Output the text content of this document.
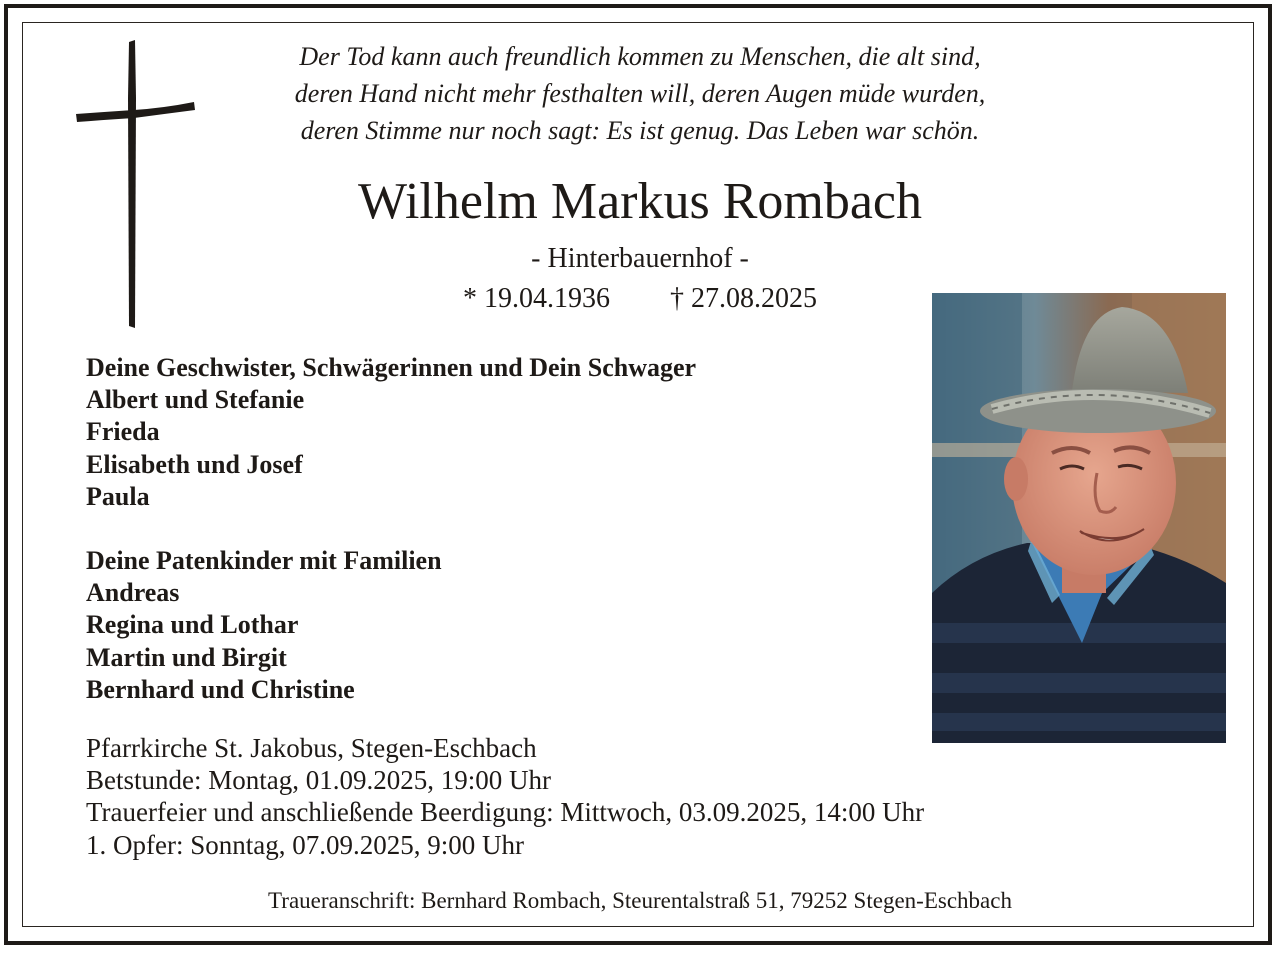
Der Tod kann auch freundlich kommen zu Menschen, die alt sind,
deren Hand nicht mehr festhalten will, deren Augen müde wurden,
deren Stimme nur noch sagt: Es ist genug. Das Leben war schön.
Wilhelm Markus Rombach
- Hinterbauernhof -
* 19.04.1936 † 27.08.2025
Deine Geschwister, Schwägerinnen und Dein Schwager
Albert und Stefanie
Frieda
Elisabeth und Josef
Paula
Deine Patenkinder mit Familien
Andreas
Regina und Lothar
Martin und Birgit
Bernhard und Christine
Pfarrkirche St. Jakobus, Stegen-Eschbach
Betstunde: Montag, 01.09.2025, 19:00 Uhr
Trauerfeier und anschließende Beerdigung: Mittwoch, 03.09.2025, 14:00 Uhr
1. Opfer: Sonntag, 07.09.2025, 9:00 Uhr
Traueranschrift: Bernhard Rombach, Steurentalstraß 51, 79252 Stegen-Eschbach
